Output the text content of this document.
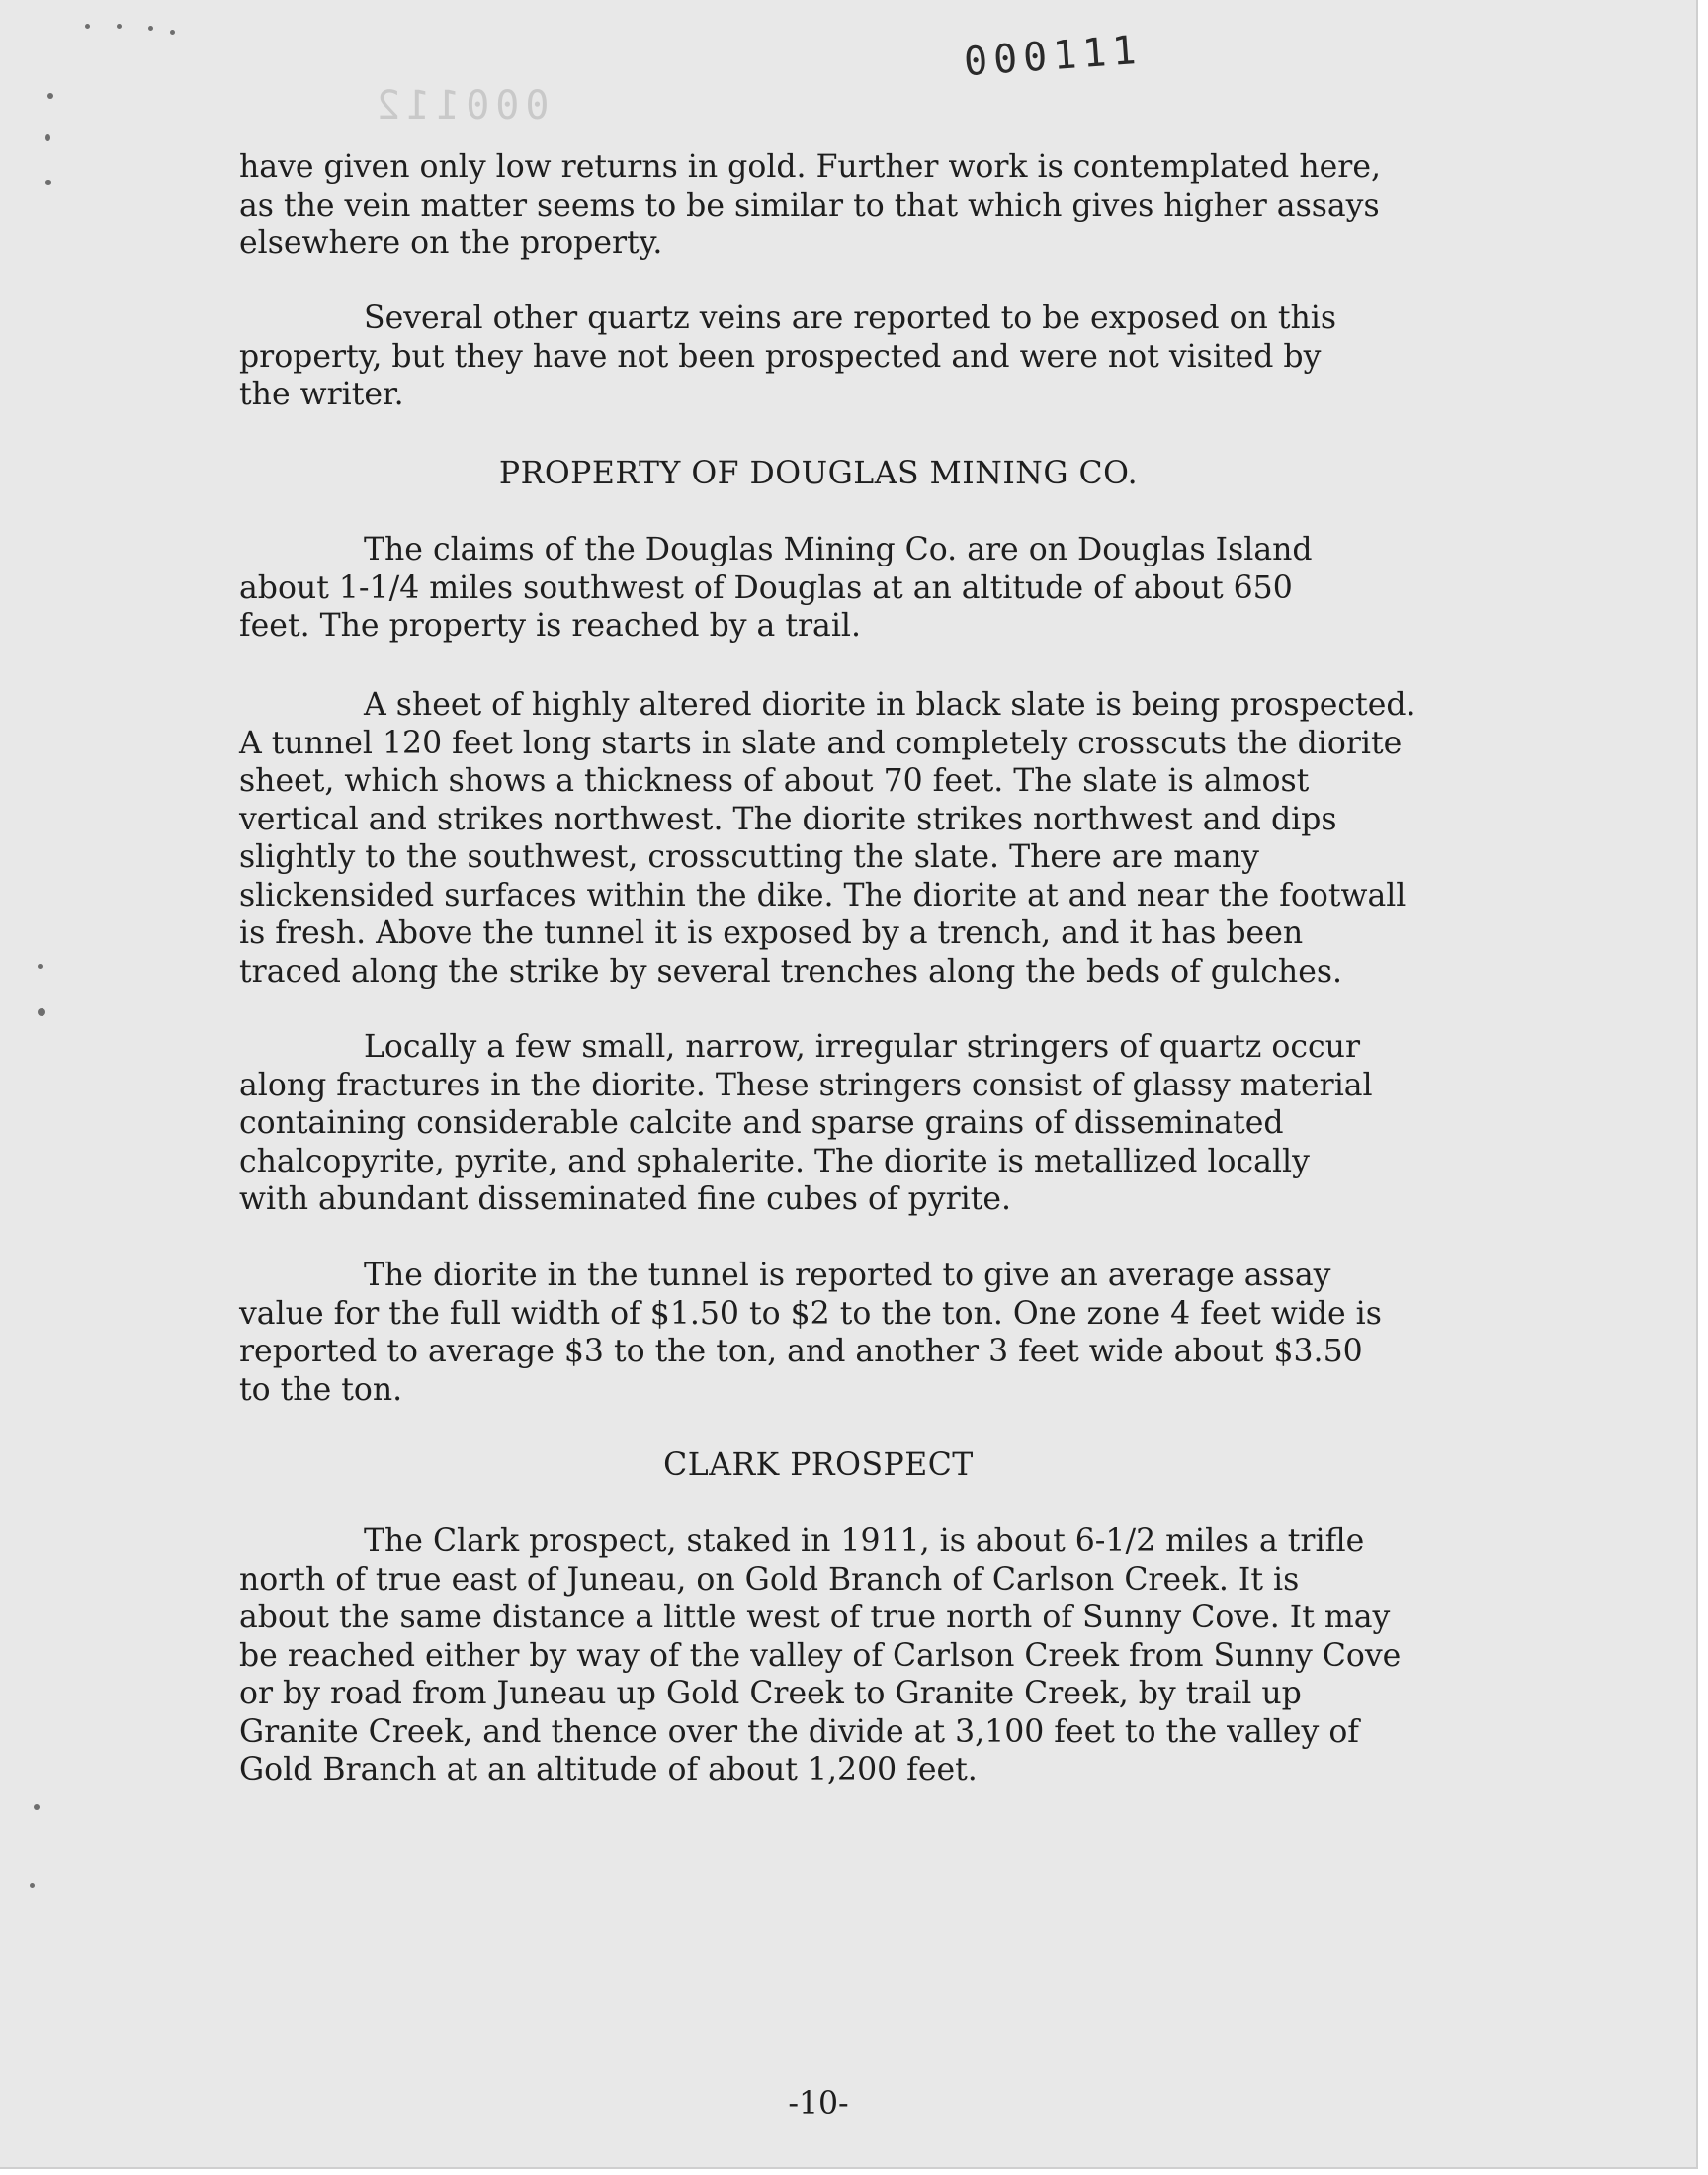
000111
000112

have given only low returns in gold. Further work is contemplated here,
as the vein matter seems to be similar to that which gives higher assays
elsewhere on the property.

Several other quartz veins are reported to be exposed on this
property, but they have not been prospected and were not visited by
the writer.

PROPERTY OF DOUGLAS MINING CO.

The claims of the Douglas Mining Co. are on Douglas Island
about 1-1/4 miles southwest of Douglas at an altitude of about 650
feet. The property is reached by a trail.

A sheet of highly altered diorite in black slate is being prospected.
A tunnel 120 feet long starts in slate and completely crosscuts the diorite
sheet, which shows a thickness of about 70 feet. The slate is almost
vertical and strikes northwest. The diorite strikes northwest and dips
slightly to the southwest, crosscutting the slate. There are many
slickensided surfaces within the dike. The diorite at and near the footwall
is fresh. Above the tunnel it is exposed by a trench, and it has been
traced along the strike by several trenches along the beds of gulches.

Locally a few small, narrow, irregular stringers of quartz occur
along fractures in the diorite. These stringers consist of glassy material
containing considerable calcite and sparse grains of disseminated
chalcopyrite, pyrite, and sphalerite. The diorite is metallized locally
with abundant disseminated fine cubes of pyrite.

The diorite in the tunnel is reported to give an average assay
value for the full width of $1.50 to $2 to the ton. One zone 4 feet wide is
reported to average $3 to the ton, and another 3 feet wide about $3.50
to the ton.

CLARK PROSPECT

The Clark prospect, staked in 1911, is about 6-1/2 miles a trifle
north of true east of Juneau, on Gold Branch of Carlson Creek. It is
about the same distance a little west of true north of Sunny Cove. It may
be reached either by way of the valley of Carlson Creek from Sunny Cove
or by road from Juneau up Gold Creek to Granite Creek, by trail up
Granite Creek, and thence over the divide at 3,100 feet to the valley of
Gold Branch at an altitude of about 1,200 feet.

-10-
